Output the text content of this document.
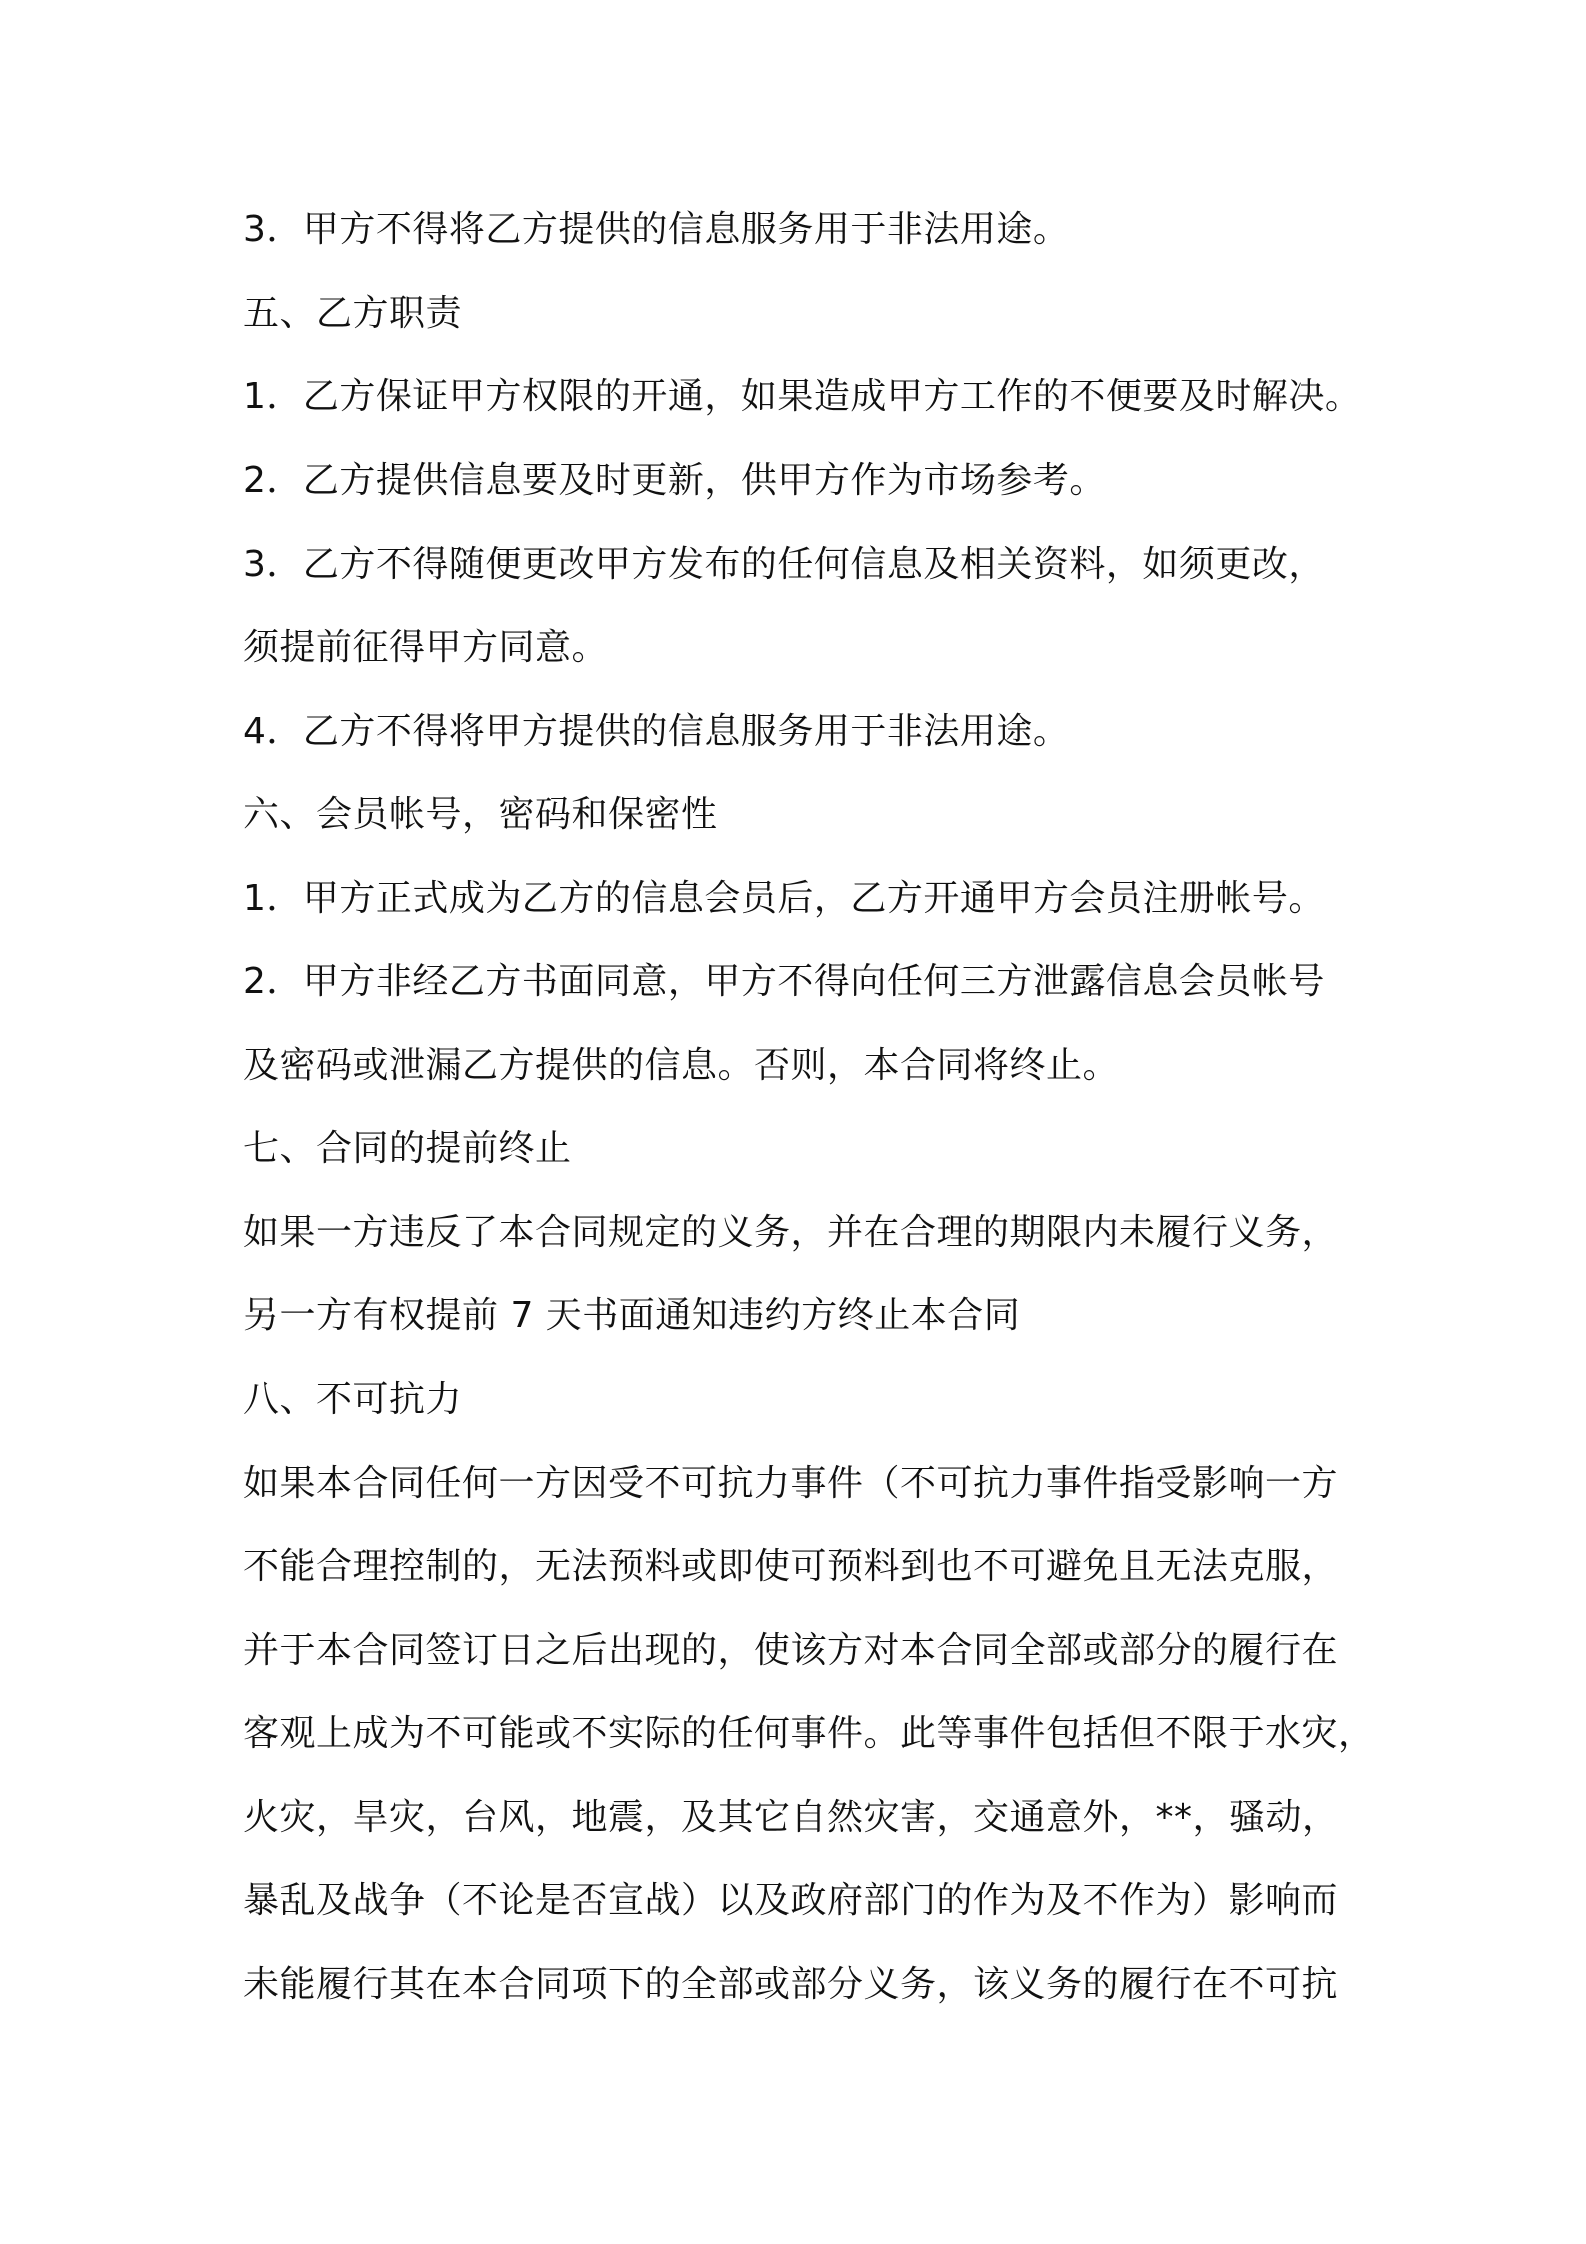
3．甲方不得将乙方提供的信息服务用于非法用途。
五、乙方职责
1．乙方保证甲方权限的开通，如果造成甲方工作的不便要及时解决。
2．乙方提供信息要及时更新，供甲方作为市场参考。
3．乙方不得随便更改甲方发布的任何信息及相关资料，如须更改，
须提前征得甲方同意。
4．乙方不得将甲方提供的信息服务用于非法用途。
六、会员帐号，密码和保密性
1．甲方正式成为乙方的信息会员后，乙方开通甲方会员注册帐号。
2．甲方非经乙方书面同意，甲方不得向任何三方泄露信息会员帐号
及密码或泄漏乙方提供的信息。否则，本合同将终止。
七、合同的提前终止
如果一方违反了本合同规定的义务，并在合理的期限内未履行义务，
另一方有权提前 7 天书面通知违约方终止本合同
八、不可抗力
如果本合同任何一方因受不可抗力事件（不可抗力事件指受影响一方
不能合理控制的，无法预料或即使可预料到也不可避免且无法克服，
并于本合同签订日之后出现的，使该方对本合同全部或部分的履行在
客观上成为不可能或不实际的任何事件。此等事件包括但不限于水灾，
火灾，旱灾，台风，地震，及其它自然灾害，交通意外，**，骚动，
暴乱及战争（不论是否宣战）以及政府部门的作为及不作为）影响而
未能履行其在本合同项下的全部或部分义务，该义务的履行在不可抗
